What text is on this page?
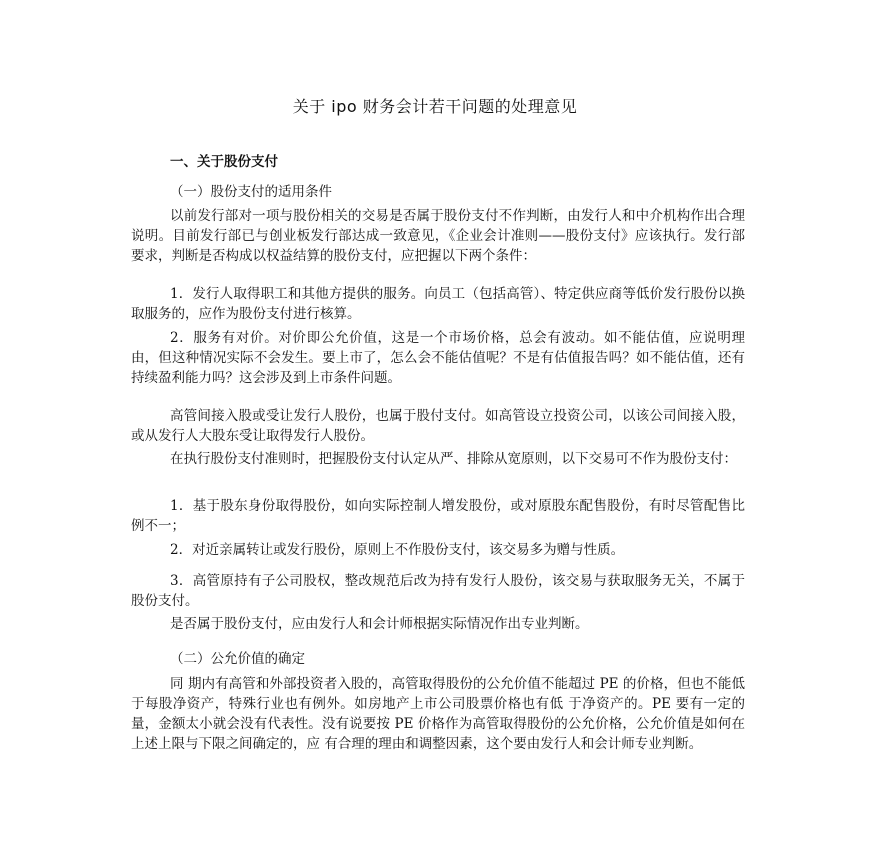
关于 ipo 财务会计若干问题的处理意见
一、关于股份支付
（一）股份支付的适用条件
以前发行部对一项与股份相关的交易是否属于股份支付不作判断，由发行人和中介机构作出合理说明。目前发行部已与创业板发行部达成一致意见，《企业会计准则——股份支付》应该执行。发行部要求，判断是否构成以权益结算的股份支付，应把握以下两个条件：
1．发行人取得职工和其他方提供的服务。向员工（包括高管）、特定供应商等低价发行股份以换取服务的，应作为股份支付进行核算。
2．服务有对价。对价即公允价值，这是一个市场价格，总会有波动。如不能估值，应说明理由，但这种情况实际不会发生。要上市了，怎么会不能估值呢？不是有估值报告吗？如不能估值，还有持续盈利能力吗？这会涉及到上市条件问题。
高管间接入股或受让发行人股份，也属于股付支付。如高管设立投资公司，以该公司间接入股，或从发行人大股东受让取得发行人股份。
在执行股份支付准则时，把握股份支付认定从严、排除从宽原则，以下交易可不作为股份支付：
1．基于股东身份取得股份，如向实际控制人增发股份，或对原股东配售股份，有时尽管配售比例不一；
2．对近亲属转让或发行股份，原则上不作股份支付，该交易多为赠与性质。
3．高管原持有子公司股权，整改规范后改为持有发行人股份，该交易与获取服务无关，不属于股份支付。
是否属于股份支付，应由发行人和会计师根据实际情况作出专业判断。
（二）公允价值的确定
同 期内有高管和外部投资者入股的，高管取得股份的公允价值不能超过 PE 的价格，但也不能低于每股净资产，特殊行业也有例外。如房地产上市公司股票价格也有低 于净资产的。PE 要有一定的量，金额太小就会没有代表性。没有说要按 PE 价格作为高管取得股份的公允价格，公允价值是如何在上述上限与下限之间确定的，应 有合理的理由和调整因素，这个要由发行人和会计师专业判断。
